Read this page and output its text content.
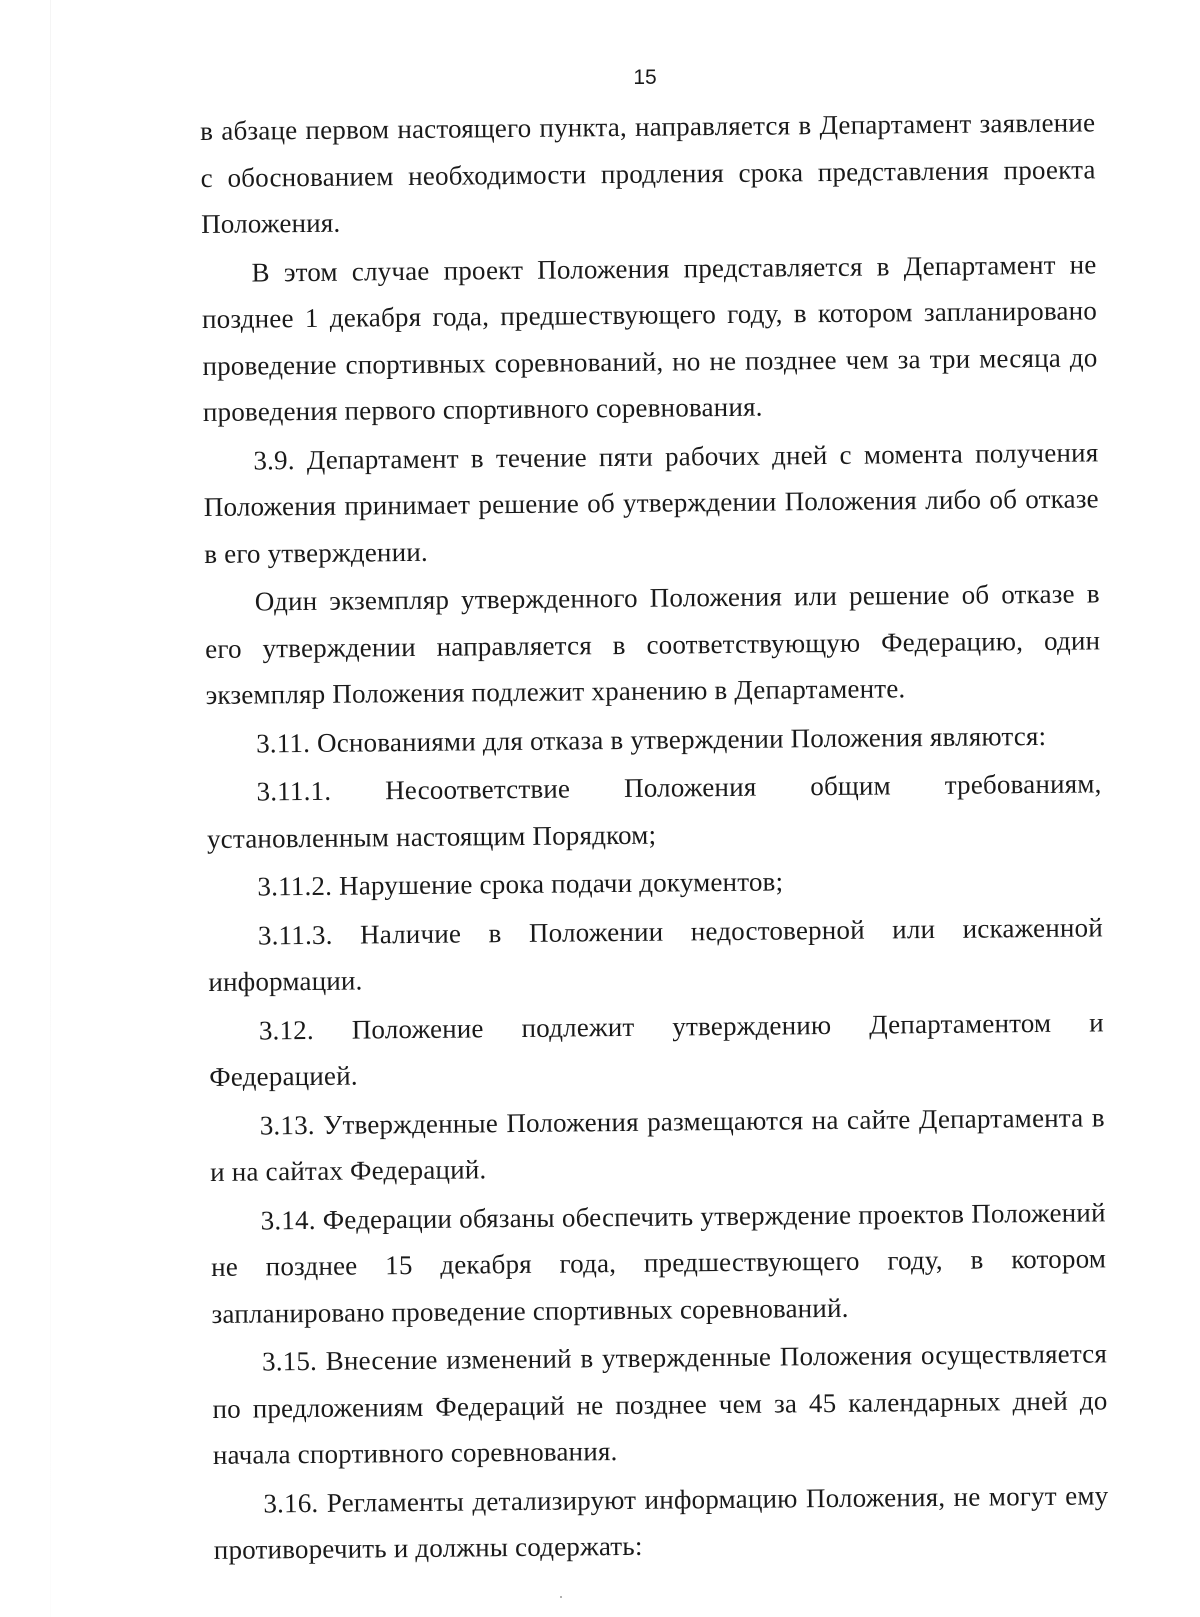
15

в абзаце первом настоящего пункта, направляется в Департамент заявление с обоснованием необходимости продления срока представления проекта Положения.

В этом случае проект Положения представляется в Департамент не позднее 1 декабря года, предшествующего году, в котором запланировано проведение спортивных соревнований, но не позднее чем за три месяца до проведения первого спортивного соревнования.

3.9. Департамент в течение пяти рабочих дней с момента получения Положения принимает решение об утверждении Положения либо об отказе в его утверждении.

Один экземпляр утвержденного Положения или решение об отказе в его утверждении направляется в соответствующую Федерацию, один экземпляр Положения подлежит хранению в Департаменте.

3.11. Основаниями для отказа в утверждении Положения являются:

3.11.1. Несоответствие Положения общим требованиям, установленным настоящим Порядком;

3.11.2. Нарушение срока подачи документов;

3.11.3. Наличие в Положении недостоверной или искаженной информации.

3.12. Положение подлежит утверждению Департаментом и Федерацией.

3.13. Утвержденные Положения размещаются на сайте Департамента в и на сайтах Федераций.

3.14. Федерации обязаны обеспечить утверждение проектов Положений не позднее 15 декабря года, предшествующего году, в котором запланировано проведение спортивных соревнований.

3.15. Внесение изменений в утвержденные Положения осуществляется по предложениям Федераций не позднее чем за 45 календарных дней до начала спортивного соревнования.

3.16. Регламенты детализируют информацию Положения, не могут ему противоречить и должны содержать:
